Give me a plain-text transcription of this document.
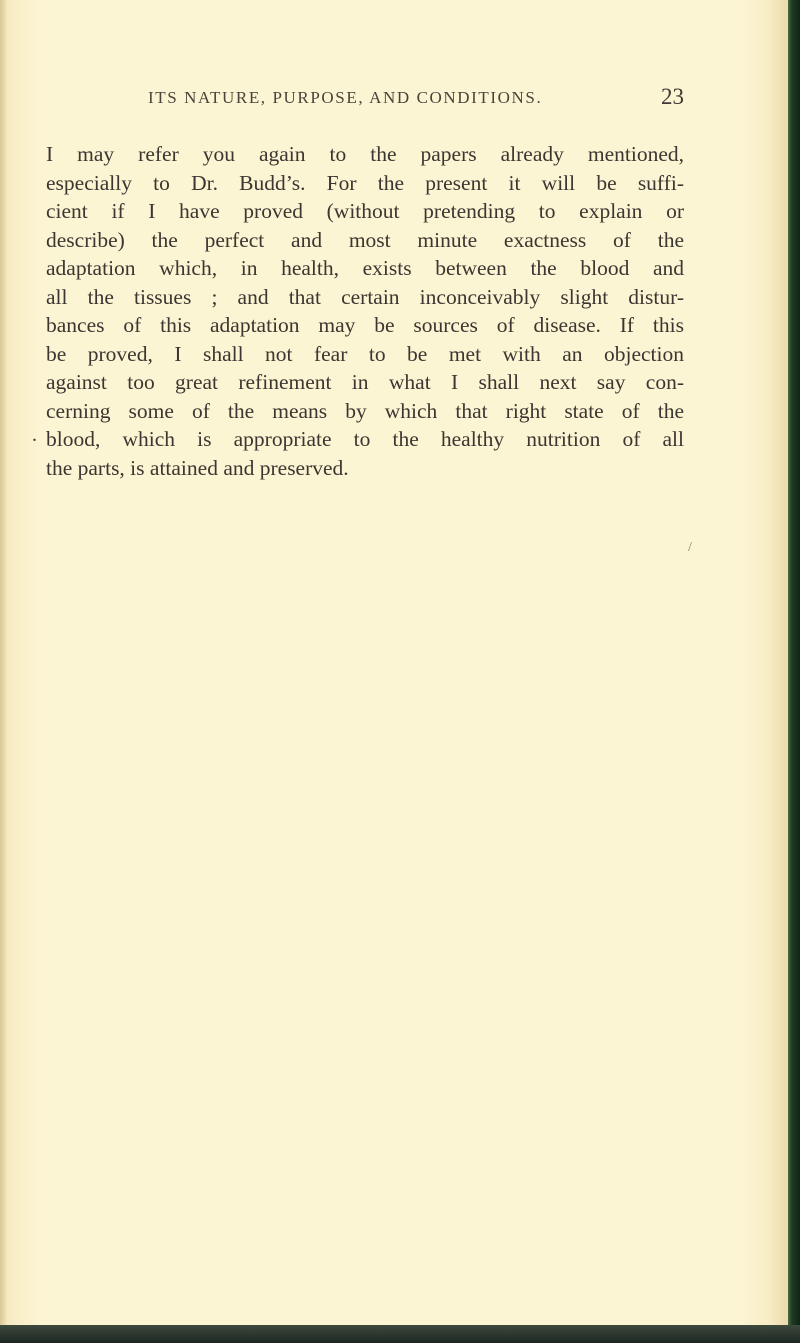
ITS NATURE, PURPOSE, AND CONDITIONS.	23
I may refer you again to the papers already mentioned,
especially to Dr. Budd’s. For the present it will be suffi-
cient if I have proved (without pretending to explain or
describe) the perfect and most minute exactness of the
adaptation which, in health, exists between the blood and
all the tissues ; and that certain inconceivably slight distur-
bances of this adaptation may be sources of disease. If this
be proved, I shall not fear to be met with an objection
against too great refinement in what I shall next say con-
cerning some of the means by which that right state of the
blood, which is appropriate to the healthy nutrition of all
the parts, is attained and preserved.
.
/
